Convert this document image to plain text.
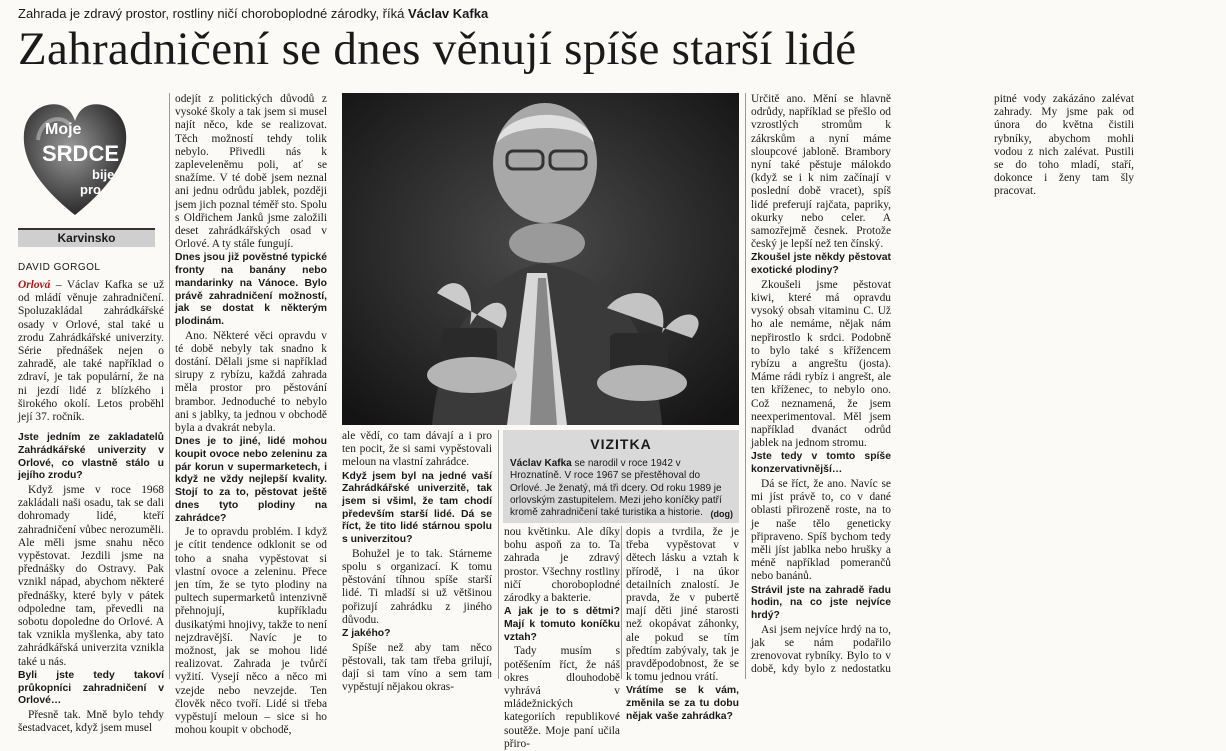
Zahrada je zdravý prostor, rostliny ničí choroboplodné zárodky, říká Václav Kafka
Zahradničení se dnes věnují spíše starší lidé
Moje
SRDCE
bije
pro
Karvinsko
DAVID GORGOL

Orlová – Václav Kafka se už od mládí věnuje zahradničení. Spoluzakládal zahrádkářské osady v Orlové, stal také u zrodu Zahrádkářské univerzity. Série přednášek nejen o zahradě, ale také například o zdraví, je tak populární, že na ni jezdí lidé z blízkého i širokého okolí. Letos proběhl její 37. ročník.

Jste jedním ze zakladatelů Zahrádkářské univerzity v Orlové, co vlastně stálo u jejího zrodu?

Když jsme v roce 1968 zakládali naši osadu, tak se dali dohromady lidé, kteří zahradničení vůbec nerozuměli. Ale měli jsme snahu něco vypěstovat. Jezdili jsme na přednášky do Ostravy. Pak vznikl nápad, abychom některé přednášky, které byly v pátek odpoledne tam, převedli na sobotu dopoledne do Orlové. A tak vznikla myšlenka, aby tato zahrádkářská univerzita vznikla také u nás.

Byli jste tedy takoví průkopníci zahradničení v Orlové…

Přesně tak. Mně bylo tehdy šestadvacet, když jsem musel

odejít z politických důvodů z vysoké školy a tak jsem si musel najít něco, kde se realizovat. Těch možností tehdy tolik nebylo. Přivedli nás k zapleveleněmu poli, ať se snažíme. V té době jsem neznal ani jednu odrůdu jablek, později jsem jich poznal téměř sto. Spolu s Oldřichem Janků jsme založili deset zahrádkářských osad v Orlové. A ty stále fungují.

Dnes jsou již pověstné typické fronty na banány nebo mandarinky na Vánoce. Bylo právě zahradničení možností, jak se dostat k některým plodinám.

Ano. Některé věci opravdu v té době nebyly tak snadno k dostání. Dělali jsme si například sirupy z rybízu, každá zahrada měla prostor pro pěstování brambor. Jednoduché to nebylo ani s jablky, ta jednou v obchodě byla a dvakrát nebyla.

Dnes je to jiné, lidé mohou koupit ovoce nebo zeleninu za pár korun v supermarketech, i když ne vždy nejlepší kvality. Stojí to za to, pěstovat ještě dnes tyto plodiny na zahrádce?

Je to opravdu problém. I když je cítit tendence odklonit se od toho a snaha vypěstovat si vlastní ovoce a zeleninu. Přece jen tím, že se tyto plodiny na pultech supermarketů intenzivně přehnojují, kupříkladu dusikatými hnojivy, takže to není nejzdravější. Navíc je to možnost, jak se mohou lidé realizovat. Zahrada je tvůrčí vyžití. Vysejí něco a něco mi vzejde nebo nevzejde. Ten člověk něco tvoří. Lidé si třeba vypěstují meloun – sice si ho mohou koupit v obchodě,

ale vědí, co tam dávají a i pro ten pocit, že si sami vypěstovali meloun na vlastní zahrádce.

Když jsem byl na jedné vaší Zahrádkářské univerzitě, tak jsem si všiml, že tam chodí především starší lidé. Dá se říct, že tito lidé stárnou spolu s univerzitou?

Bohužel je to tak. Stárneme spolu s organizací. K tomu pěstování tíhnou spíše starší lidé. Ti mladší si už většinou pořizují zahrádku z jiného důvodu.

Z jakého?

Spíše než aby tam něco pěstovali, tak tam třeba grilují, dají si tam víno a sem tam vypěstují nějakou okras-

VIZITKA
Václav Kafka se narodil v roce 1942 v Hroznatíně. V roce 1967 se přestěhoval do Orlové. Je ženatý, má tři dcery. Od roku 1989 je orlovským zastupitelem. Mezi jeho koníčky patří kromě zahradničení také turistika a historie. (dog)

nou květinku. Ale díky bohu aspoň za to. Ta zahrada je zdravý prostor. Všechny rostliny ničí choroboplodné zárodky a bakterie.

A jak je to s dětmi? Mají k tomuto koníčku vztah?

Tady musím s potěšením říct, že náš okres dlouhodobě vyhrává v mládežnických kategoriích republikové soutěže. Moje paní učila přiro-

dopis a tvrdila, že je třeba vypěstovat v dětech lásku a vztah k přírodě, i na úkor detailních znalostí. Je pravda, že v pubertě mají děti jiné starosti než okopávat záhonky, ale pokud se tím předtím zabývaly, tak je pravděpodobnost, že se k tomu jednou vrátí.

Vrátíme se k vám, změnila se za tu dobu nějak vaše zahrádka?

Určitě ano. Mění se hlavně odrůdy, například se přešlo od vzrostlých stromům k zákrskům a nyní máme sloupcové jabloně. Brambory nyní také pěstuje málokdo (když se i k nim začínají v poslední době vracet), spíš lidé preferují rajčata, papriky, okurky nebo celer. A samozřejmě česnek. Protože český je lepší než ten čínský.

Zkoušel jste někdy pěstovat exotické plodiny?

Zkoušeli jsme pěstovat kiwi, které má opravdu vysoký obsah vitaminu C. Už ho ale nemáme, nějak nám nepřirostlo k srdci. Podobně to bylo také s křížencem rybízu a angreštu (josta). Máme rádi rybíz i angrešt, ale ten kříženec, to nebylo ono. Což neznamená, že jsem neexperimentoval. Měl jsem například dvanáct odrůd jablek na jednom stromu.

Jste tedy v tomto spíše konzervativnější…

Dá se říct, že ano. Navíc se mi jíst právě to, co v dané oblasti přirozeně roste, na to je naše tělo geneticky připraveno. Spíš bychom tedy měli jíst jablka nebo hrušky a méně například pomerančů nebo banánů.

Strávil jste na zahradě řadu hodin, na co jste nejvíce hrdý?

Asi jsem nejvíce hrdý na to, jak se nám podařilo zrenovovat rybníky. Bylo to v době, kdy bylo z nedostatku pitné vody zakázáno zalévat zahrady. My jsme pak od února do května čistili rybníky, abychom mohli vodou z nich zalévat. Pustili se do toho mladí, staří, dokonce i ženy tam šly pracovat.
